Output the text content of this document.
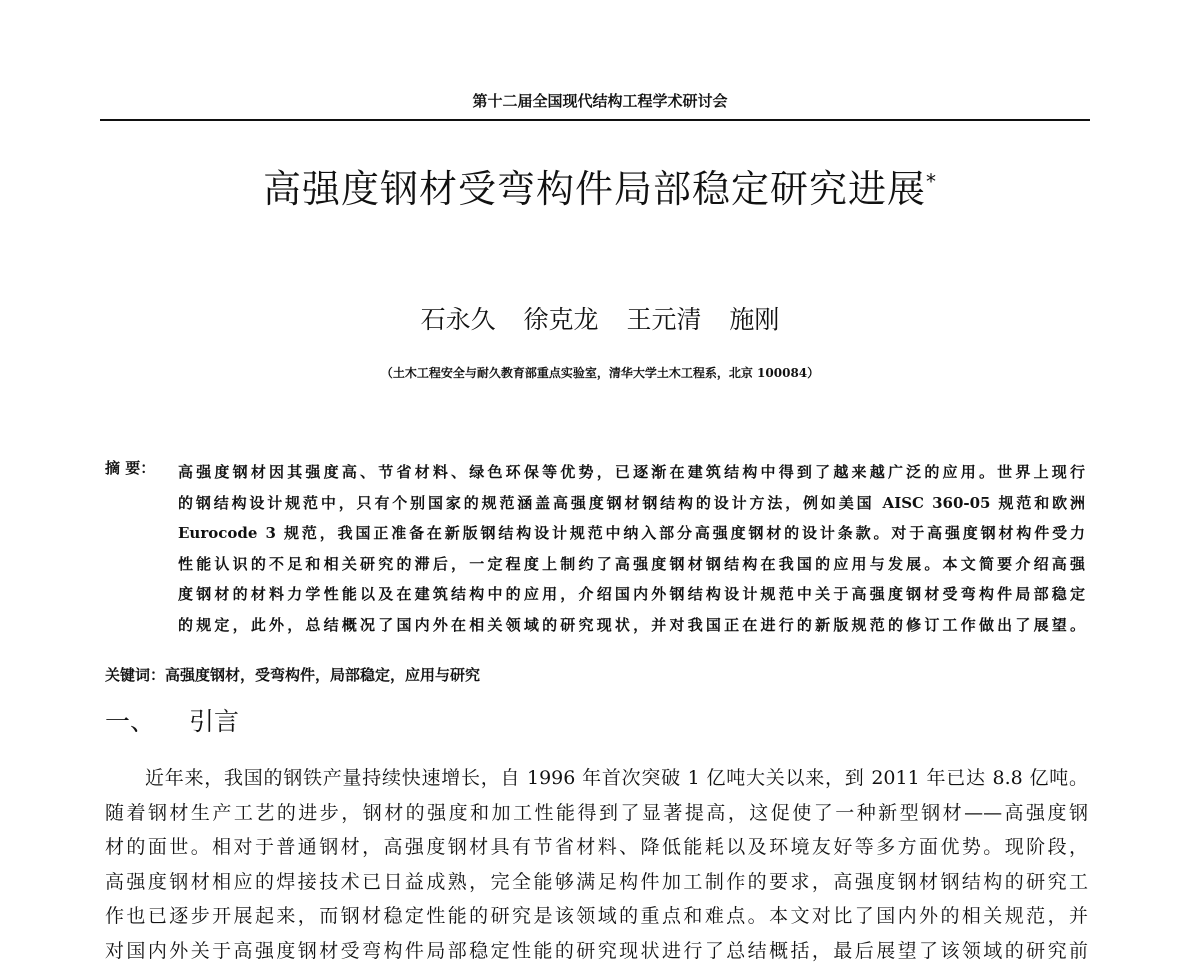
第十二届全国现代结构工程学术研讨会
高强度钢材受弯构件局部稳定研究进展*
石永久 徐克龙 王元清 施刚
（土木工程安全与耐久教育部重点实验室，清华大学土木工程系，北京 100084）
摘 要： 高强度钢材因其强度高、节省材料、绿色环保等优势，已逐渐在建筑结构中得到了越来越广泛的应用。世界上现行
的钢结构设计规范中，只有个别国家的规范涵盖高强度钢材钢结构的设计方法，例如美国 AISC 360-05 规范和欧洲
Eurocode 3 规范，我国正准备在新版钢结构设计规范中纳入部分高强度钢材的设计条款。对于高强度钢材构件受力
性能认识的不足和相关研究的滞后，一定程度上制约了高强度钢材钢结构在我国的应用与发展。本文简要介绍高强
度钢材的材料力学性能以及在建筑结构中的应用，介绍国内外钢结构设计规范中关于高强度钢材受弯构件局部稳定
的规定，此外，总结概况了国内外在相关领域的研究现状，并对我国正在进行的新版规范的修订工作做出了展望。
关键词：高强度钢材，受弯构件，局部稳定，应用与研究
一、 引言
近年来，我国的钢铁产量持续快速增长，自 1996 年首次突破 1 亿吨大关以来，到 2011 年已达 8.8 亿吨。
随着钢材生产工艺的进步，钢材的强度和加工性能得到了显著提高，这促使了一种新型钢材——高强度钢
材的面世。相对于普通钢材，高强度钢材具有节省材料、降低能耗以及环境友好等多方面优势。现阶段，
高强度钢材相应的焊接技术已日益成熟，完全能够满足构件加工制作的要求，高强度钢材钢结构的研究工
作也已逐步开展起来，而钢材稳定性能的研究是该领域的重点和难点。本文对比了国内外的相关规范，并
对国内外关于高强度钢材受弯构件局部稳定性能的研究现状进行了总结概括，最后展望了该领域的研究前
